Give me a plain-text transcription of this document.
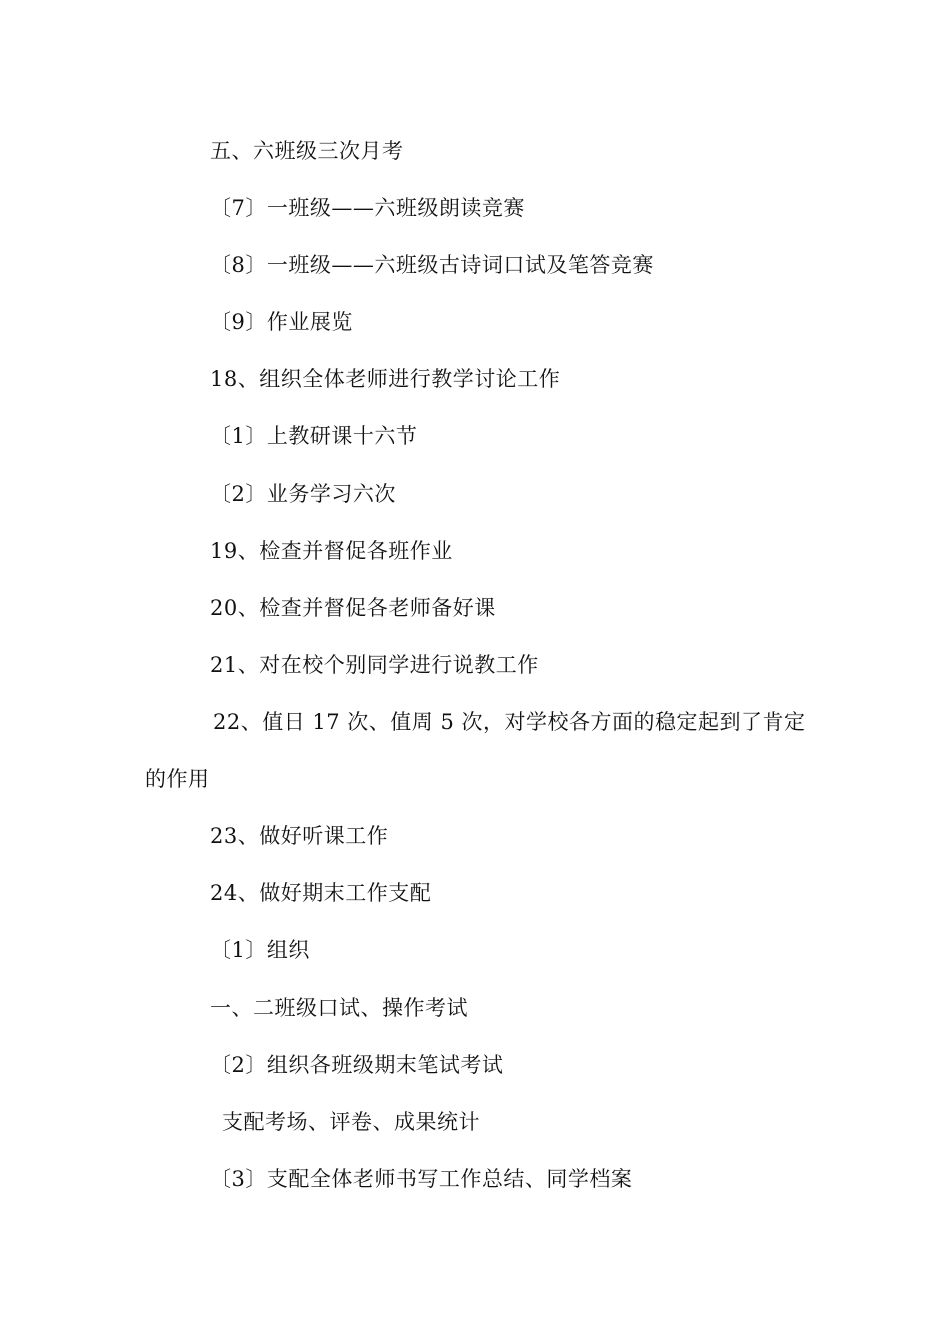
五、六班级三次月考
〔7〕一班级——六班级朗读竞赛
〔8〕一班级——六班级古诗词口试及笔答竞赛
〔9〕作业展览
18、组织全体老师进行教学讨论工作
〔1〕上教研课十六节
〔2〕业务学习六次
19、检查并督促各班作业
20、检查并督促各老师备好课
21、对在校个别同学进行说教工作
22、值日 17 次、值周 5 次，对学校各方面的稳定起到了肯定
的作用
23、做好听课工作
24、做好期末工作支配
〔1〕组织
一、二班级口试、操作考试
〔2〕组织各班级期末笔试考试
支配考场、评卷、成果统计
〔3〕支配全体老师书写工作总结、同学档案
